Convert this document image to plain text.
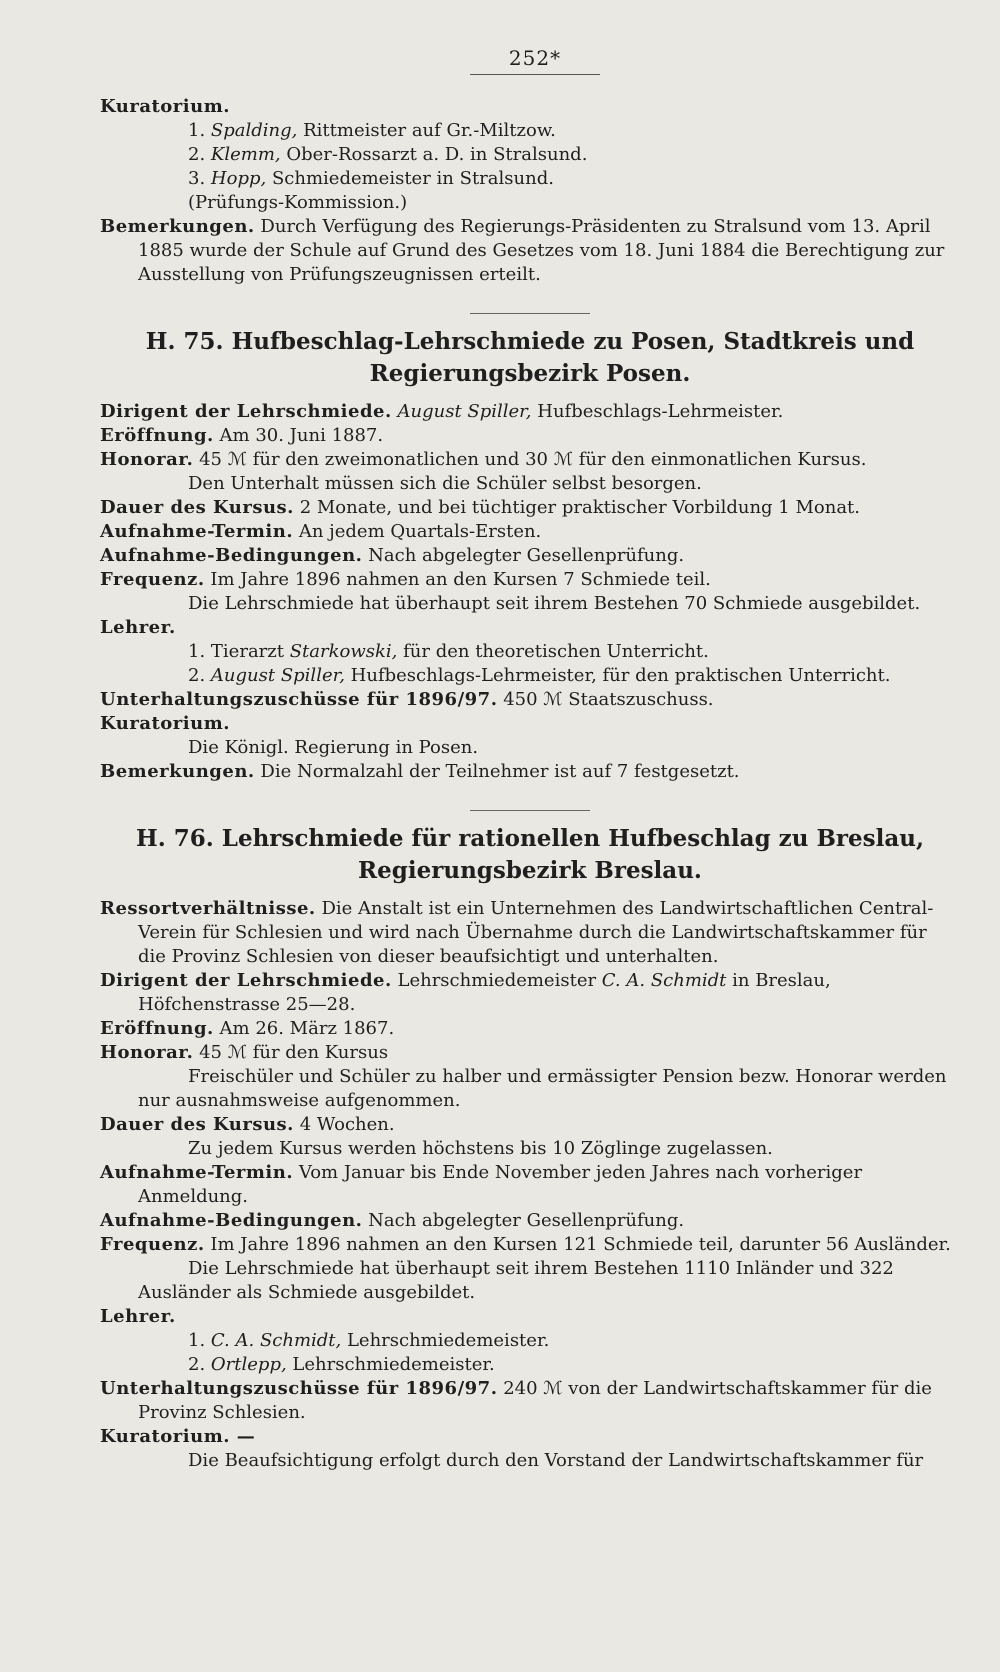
252*

Kuratorium.

1. Spalding, Rittmeister auf Gr.-Miltzow.

2. Klemm, Ober-Rossarzt a. D. in Stralsund.

3. Hopp, Schmiedemeister in Stralsund.

(Prüfungs-Kommission.)

Bemerkungen. Durch Verfügung des Regierungs-Präsidenten zu Stralsund vom 13. April 1885 wurde der Schule auf Grund des Gesetzes vom 18. Juni 1884 die Berechtigung zur Ausstellung von Prüfungszeugnissen erteilt.

H. 75. Hufbeschlag-Lehrschmiede zu Posen, Stadtkreis und Regierungsbezirk Posen.

Dirigent der Lehrschmiede. August Spiller, Hufbeschlags-Lehrmeister.

Eröffnung. Am 30. Juni 1887.

Honorar. 45 ℳ für den zweimonatlichen und 30 ℳ für den einmonatlichen Kursus.

Den Unterhalt müssen sich die Schüler selbst besorgen.

Dauer des Kursus. 2 Monate, und bei tüchtiger praktischer Vorbildung 1 Monat.

Aufnahme-Termin. An jedem Quartals-Ersten.

Aufnahme-Bedingungen. Nach abgelegter Gesellenprüfung.

Frequenz. Im Jahre 1896 nahmen an den Kursen 7 Schmiede teil.

Die Lehrschmiede hat überhaupt seit ihrem Bestehen 70 Schmiede ausgebildet.

Lehrer.

1. Tierarzt Starkowski, für den theoretischen Unterricht.

2. August Spiller, Hufbeschlags-Lehrmeister, für den praktischen Unterricht.

Unterhaltungszuschüsse für 1896/97. 450 ℳ Staatszuschuss.

Kuratorium.

Die Königl. Regierung in Posen.

Bemerkungen. Die Normalzahl der Teilnehmer ist auf 7 festgesetzt.

H. 76. Lehrschmiede für rationellen Hufbeschlag zu Breslau, Regierungsbezirk Breslau.

Ressortverhältnisse. Die Anstalt ist ein Unternehmen des Landwirtschaftlichen Central-Verein für Schlesien und wird nach Übernahme durch die Landwirtschaftskammer für die Provinz Schlesien von dieser beaufsichtigt und unterhalten.

Dirigent der Lehrschmiede. Lehrschmiedemeister C. A. Schmidt in Breslau, Höfchenstrasse 25—28.

Eröffnung. Am 26. März 1867.

Honorar. 45 ℳ für den Kursus

Freischüler und Schüler zu halber und ermässigter Pension bezw. Honorar werden nur ausnahmsweise aufgenommen.

Dauer des Kursus. 4 Wochen.

Zu jedem Kursus werden höchstens bis 10 Zöglinge zugelassen.

Aufnahme-Termin. Vom Januar bis Ende November jeden Jahres nach vorheriger Anmeldung.

Aufnahme-Bedingungen. Nach abgelegter Gesellenprüfung.

Frequenz. Im Jahre 1896 nahmen an den Kursen 121 Schmiede teil, darunter 56 Ausländer.

Die Lehrschmiede hat überhaupt seit ihrem Bestehen 1110 Inländer und 322 Ausländer als Schmiede ausgebildet.

Lehrer.

1. C. A. Schmidt, Lehrschmiedemeister.

2. Ortlepp, Lehrschmiedemeister.

Unterhaltungszuschüsse für 1896/97. 240 ℳ von der Landwirtschaftskammer für die Provinz Schlesien.

Kuratorium. —

Die Beaufsichtigung erfolgt durch den Vorstand der Landwirtschaftskammer für
